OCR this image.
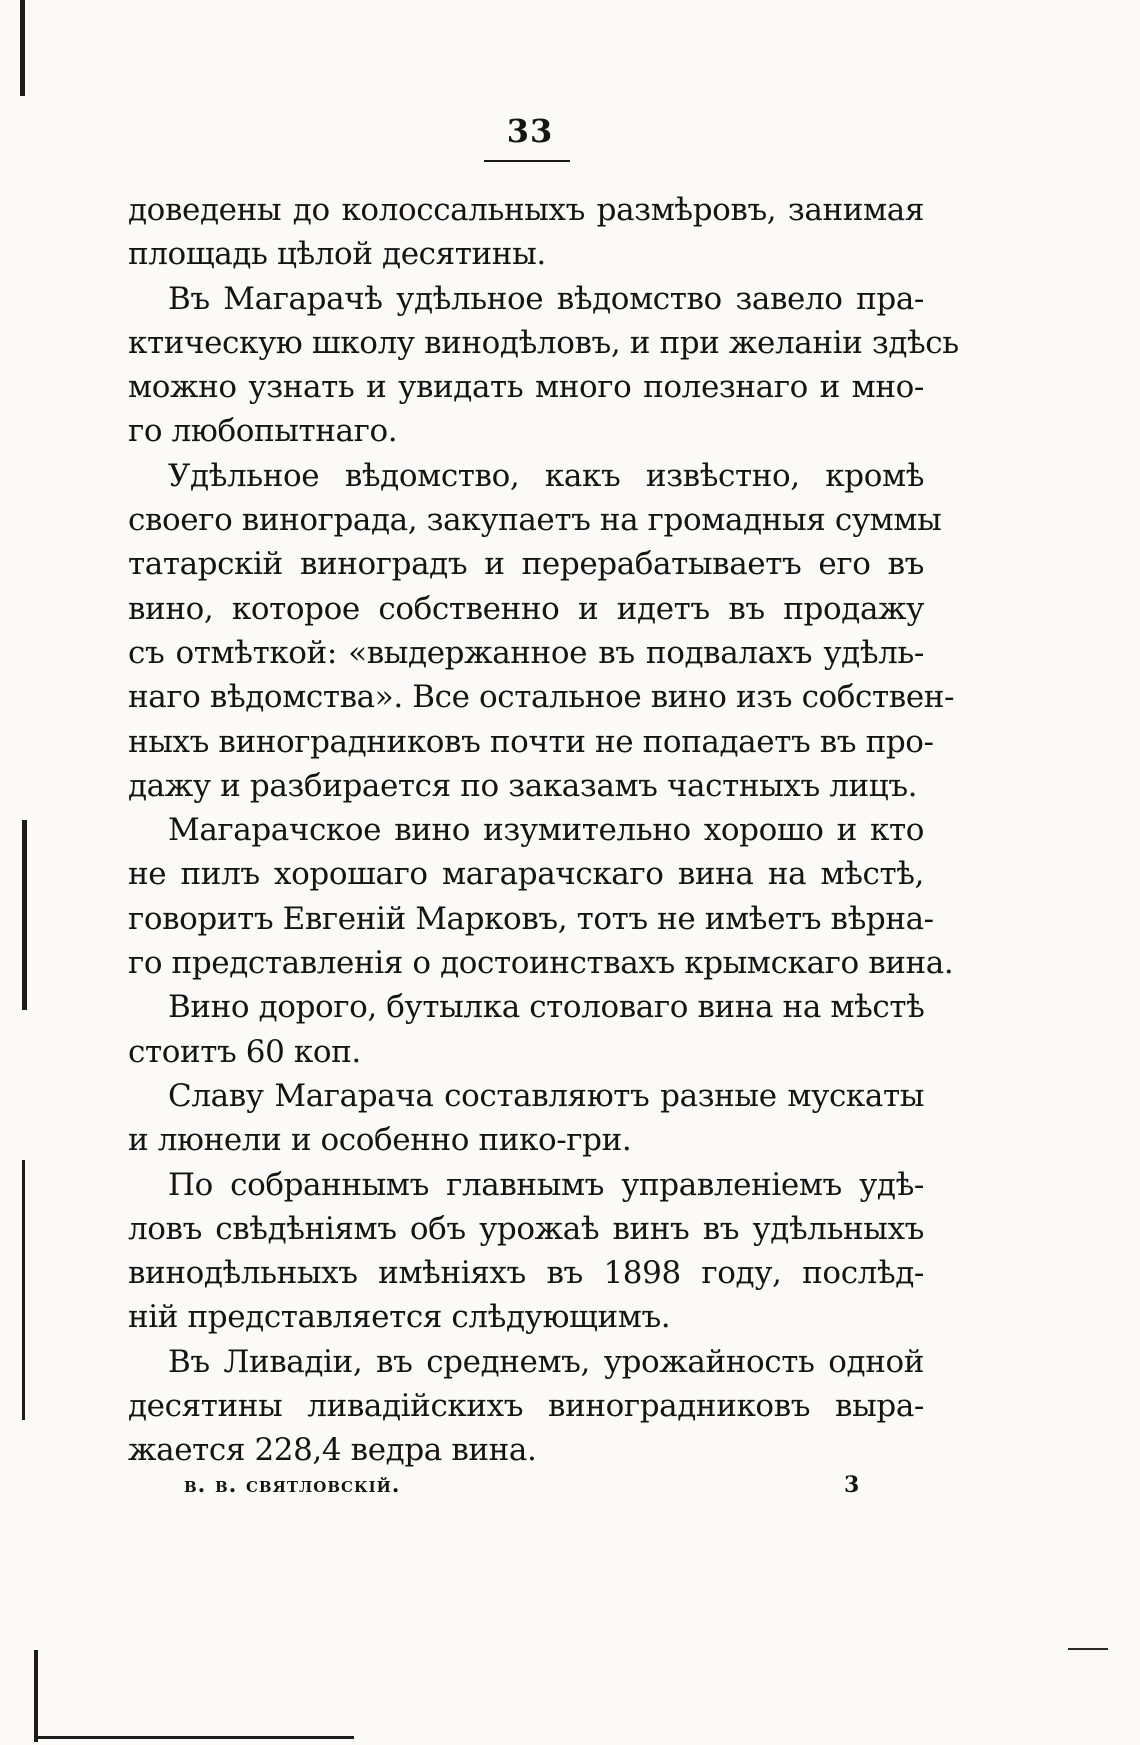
33
доведены до колоссальныхъ размѣровъ, занимая
площадь цѣлой десятины.
Въ Магарачѣ удѣльное вѣдомство завело пра-
ктическую школу винодѣловъ, и при желаніи здѣсь
можно узнать и увидать много полезнаго и мно-
го любопытнаго.
Удѣльное вѣдомство, какъ извѣстно, кромѣ
своего винограда, закупаетъ на громадныя суммы
татарскій виноградъ и перерабатываетъ его въ
вино, которое собственно и идетъ въ продажу
съ отмѣткой: «выдержанное въ подвалахъ удѣль-
наго вѣдомства». Все остальное вино изъ собствен-
ныхъ виноградниковъ почти не попадаетъ въ про-
дажу и разбирается по заказамъ частныхъ лицъ.
Магарачское вино изумительно хорошо и кто
не пилъ хорошаго магарачскаго вина на мѣстѣ,
говоритъ Евгеній Марковъ, тотъ не имѣетъ вѣрна-
го представленія о достоинствахъ крымскаго вина.
Вино дорого, бутылка столоваго вина на мѣстѣ
стоитъ 60 коп.
Славу Магарача составляютъ разные мускаты
и люнели и особенно пико-гри.
По собраннымъ главнымъ управленіемъ удѣ-
ловъ свѣдѣніямъ объ урожаѣ винъ въ удѣльныхъ
винодѣльныхъ имѣніяхъ въ 1898 году, послѣд-
ній представляется слѣдующимъ.
Въ Ливадіи, въ среднемъ, урожайность одной
десятины ливадійскихъ виноградниковъ выра-
жается 228,4 ведра вина.
в. в. святловскій.	3
